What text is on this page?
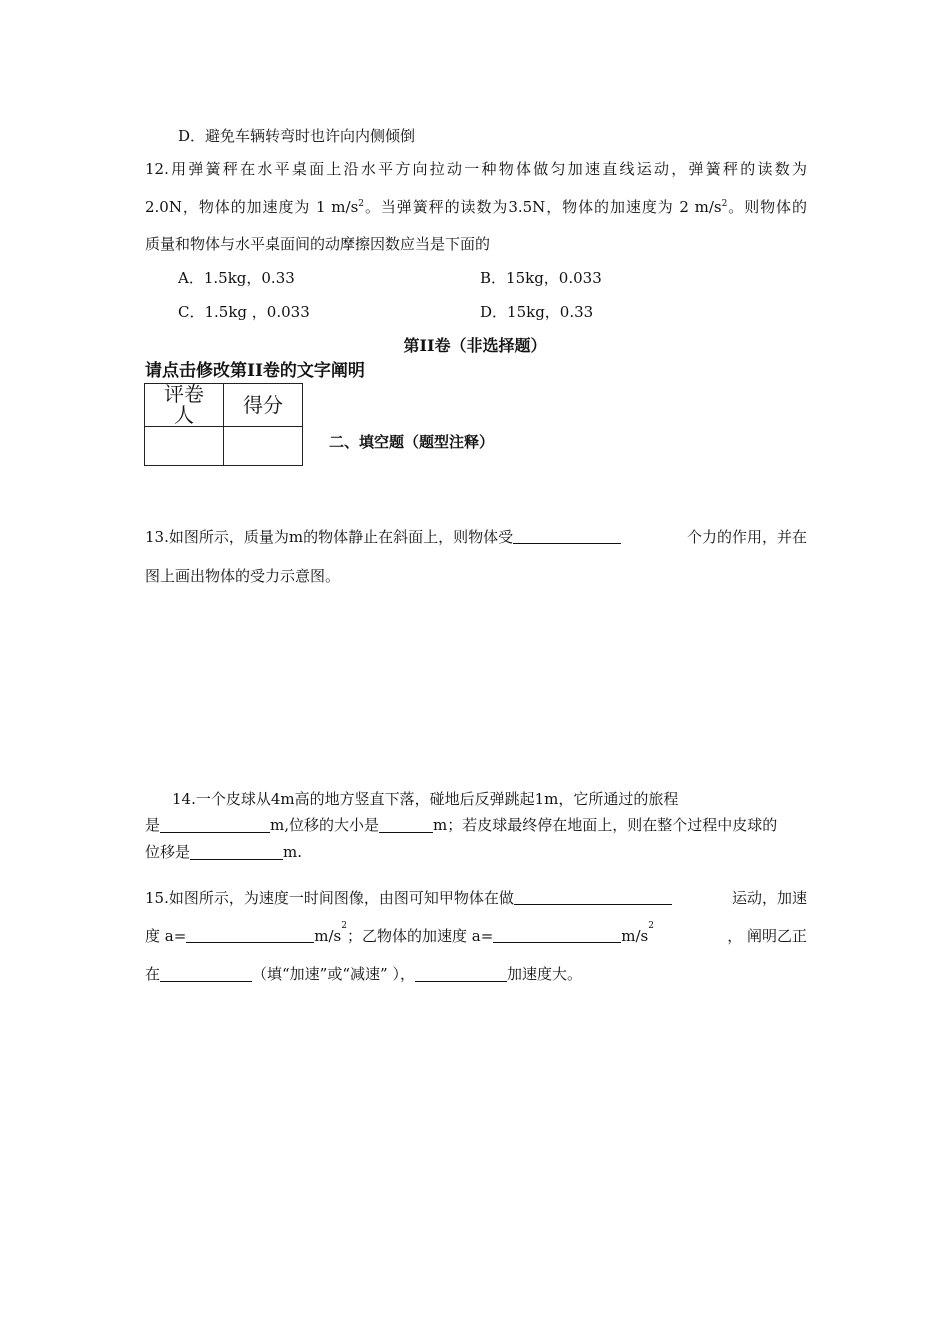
D．避免车辆转弯时也许向内侧倾倒
12.用弹簧秤在水平桌面上沿水平方向拉动一种物体做匀加速直线运动，弹簧秤的读数为
2.0N，物体的加速度为 1 $m/s^2$。当弹簧秤的读数为3.5N，物体的加速度为 2 $m/s^2$。则物体的
质量和物体与水平桌面间的动摩擦因数应当是下面的
A．1.5kg，0.33	B．15kg，0.033
C．1.5kg ，0.033	D．15kg，0.33
第II卷（非选择题）
请点击修改第II卷的文字阐明
评卷人	得分

二、填空题（题型注释）
13.如图所示，质量为m的物体静止在斜面上，则物体受	个力的作用，并在
图上画出物体的受力示意图。
14.一个皮球从4m高的地方竖直下落，碰地后反弹跳起1m，它所通过的旅程
是	m,位移的大小是	m；若皮球最终停在地面上，则在整个过程中皮球的
位移是	m.
15.如图所示，为速度一时间图像，由图可知甲物体在做	运动，加速
度 a=	m/s
2
；乙物体的加速度 a=	m/s
2
， 阐明乙正
在	（填“加速”或“减速” ），	加速度大。
